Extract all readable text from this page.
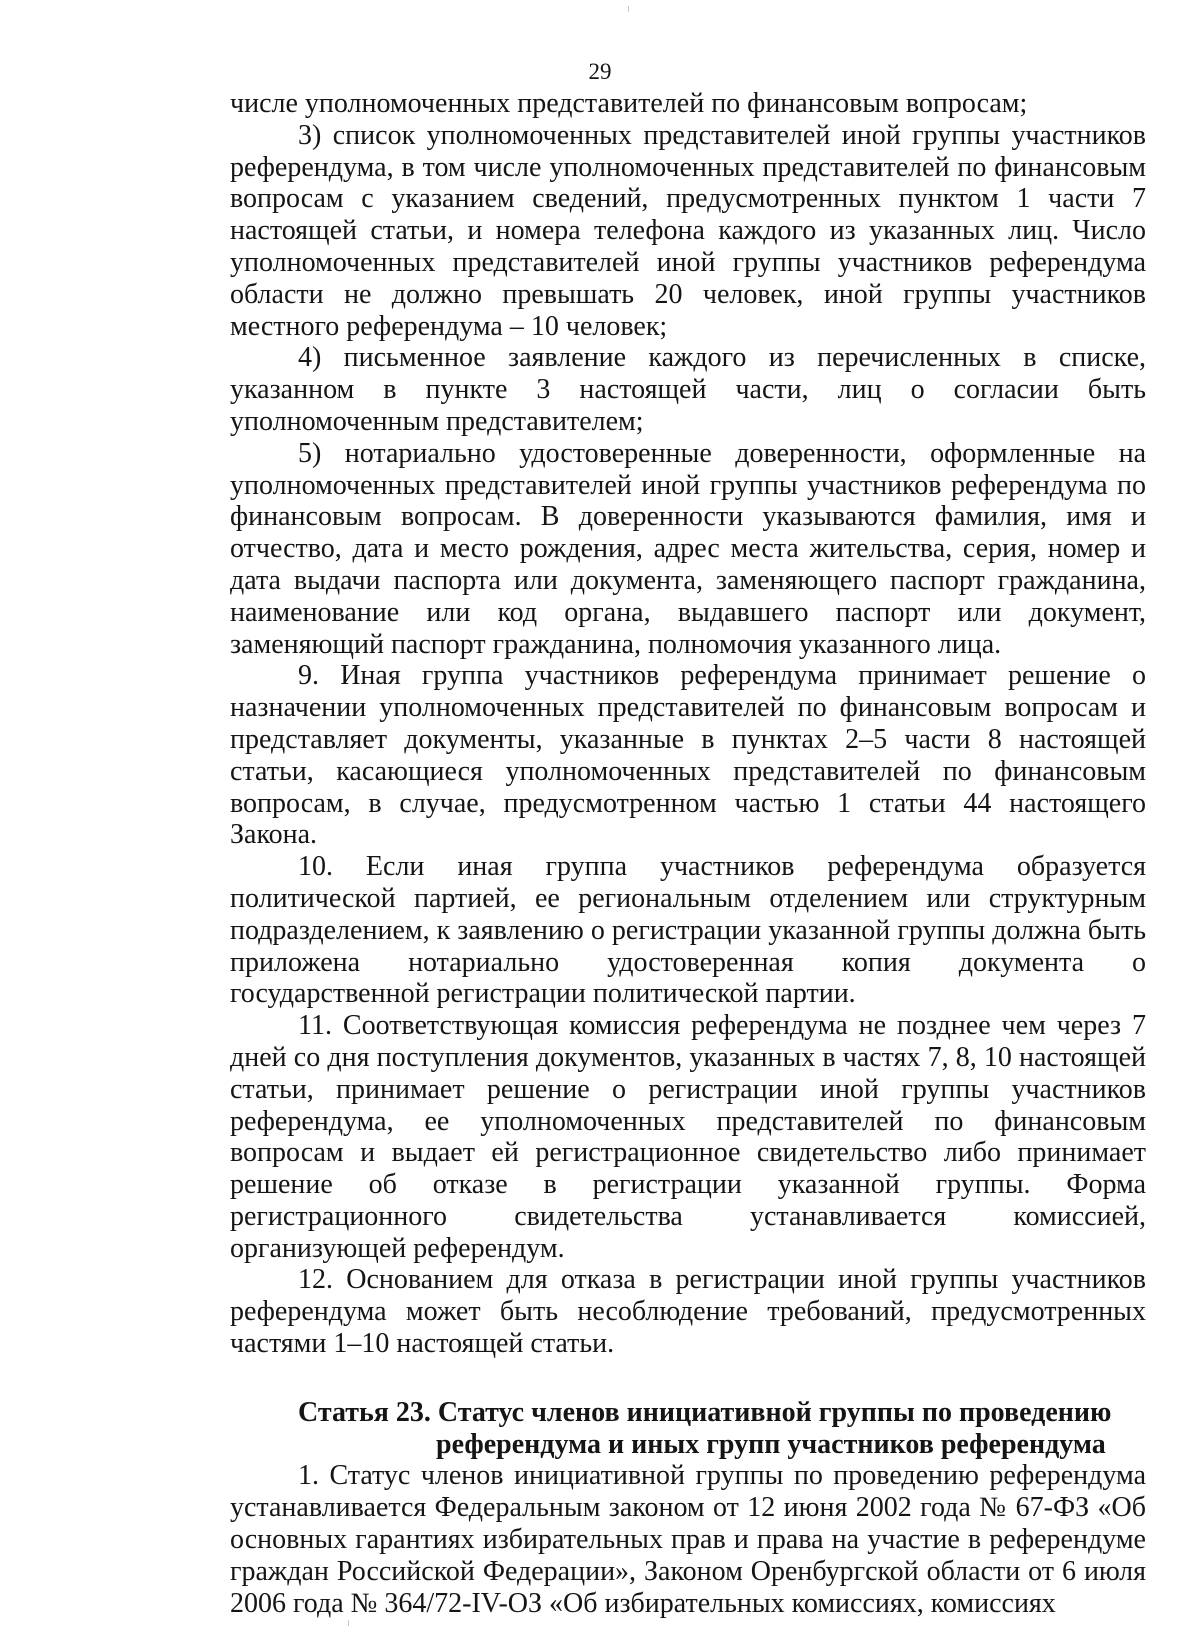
29

числе уполномоченных представителей по финансовым вопросам;

3) список уполномоченных представителей иной группы участников референдума, в том числе уполномоченных представителей по финансовым вопросам с указанием сведений, предусмотренных пунктом 1 части 7 настоящей статьи, и номера телефона каждого из указанных лиц. Число уполномоченных представителей иной группы участников референдума области не должно превышать 20 человек, иной группы участников местного референдума – 10 человек;

4) письменное заявление каждого из перечисленных в списке, указанном в пункте 3 настоящей части, лиц о согласии быть уполномоченным представителем;

5) нотариально удостоверенные доверенности, оформленные на уполномоченных представителей иной группы участников референдума по финансовым вопросам. В доверенности указываются фамилия, имя и отчество, дата и место рождения, адрес места жительства, серия, номер и дата выдачи паспорта или документа, заменяющего паспорт гражданина, наименование или код органа, выдавшего паспорт или документ, заменяющий паспорт гражданина, полномочия указанного лица.

9. Иная группа участников референдума принимает решение о назначении уполномоченных представителей по финансовым вопросам и представляет документы, указанные в пунктах 2–5 части 8 настоящей статьи, касающиеся уполномоченных представителей по финансовым вопросам, в случае, предусмотренном частью 1 статьи 44 настоящего Закона.

10. Если иная группа участников референдума образуется политической партией, ее региональным отделением или структурным подразделением, к заявлению о регистрации указанной группы должна быть приложена нотариально удостоверенная копия документа о государственной регистрации политической партии.

11. Соответствующая комиссия референдума не позднее чем через 7 дней со дня поступления документов, указанных в частях 7, 8, 10 настоящей статьи, принимает решение о регистрации иной группы участников референдума, ее уполномоченных представителей по финансовым вопросам и выдает ей регистрационное свидетельство либо принимает решение об отказе в регистрации указанной группы. Форма регистрационного свидетельства устанавливается комиссией, организующей референдум.

12. Основанием для отказа в регистрации иной группы участников референдума может быть несоблюдение требований, предусмотренных частями 1–10 настоящей статьи.

Статья 23. Статус членов инициативной группы по проведению
референдума и иных групп участников референдума

1. Статус членов инициативной группы по проведению референдума устанавливается Федеральным законом от 12 июня 2002 года № 67-ФЗ «Об основных гарантиях избирательных прав и права на участие в референдуме граждан Российской Федерации», Законом Оренбургской области от 6 июля 2006 года № 364/72-IV-ОЗ «Об избирательных комиссиях, комиссиях
